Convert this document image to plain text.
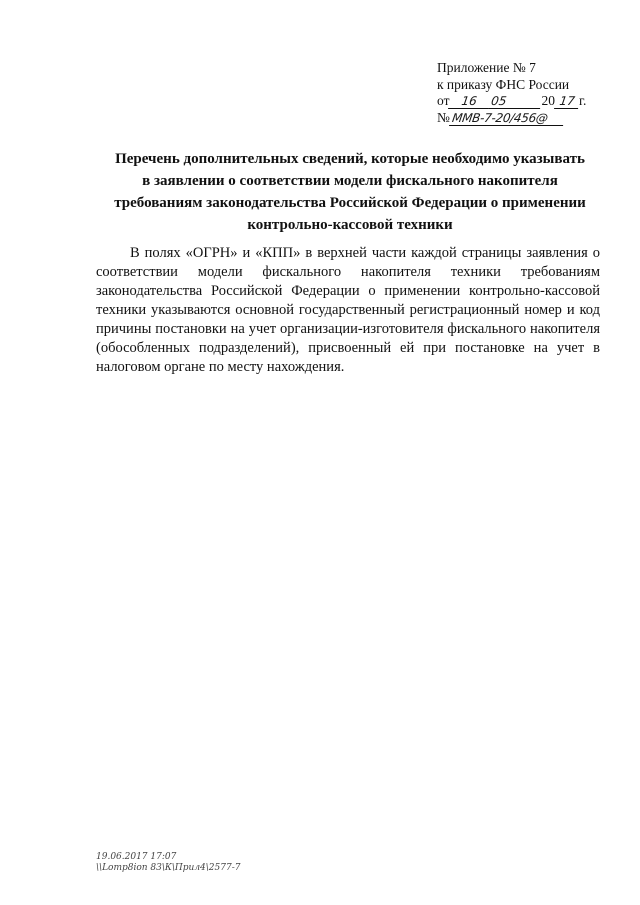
Приложение № 7
к приказу ФНС России
от 16 05 20 17 г.
№ММВ-7-20/456@
Перечень дополнительных сведений, которые необходимо указывать
в заявлении о соответствии модели фискального накопителя
требованиям законодательства Российской Федерации о применении
контрольно-кассовой техники
В полях «ОГРН» и «КПП» в верхней части каждой страницы заявления о соответствии модели фискального накопителя техники требованиям законодательства Российской Федерации о применении контрольно-кассовой техники указываются основной государственный регистрационный номер и код причины постановки на учет организации-изготовителя фискального накопителя (обособленных подразделений), присвоенный ей при постановке на учет в налоговом органе по месту нахождения.
19.06.2017 17:07
\\Lomp8ion 83\К\Прил4\2577-7
